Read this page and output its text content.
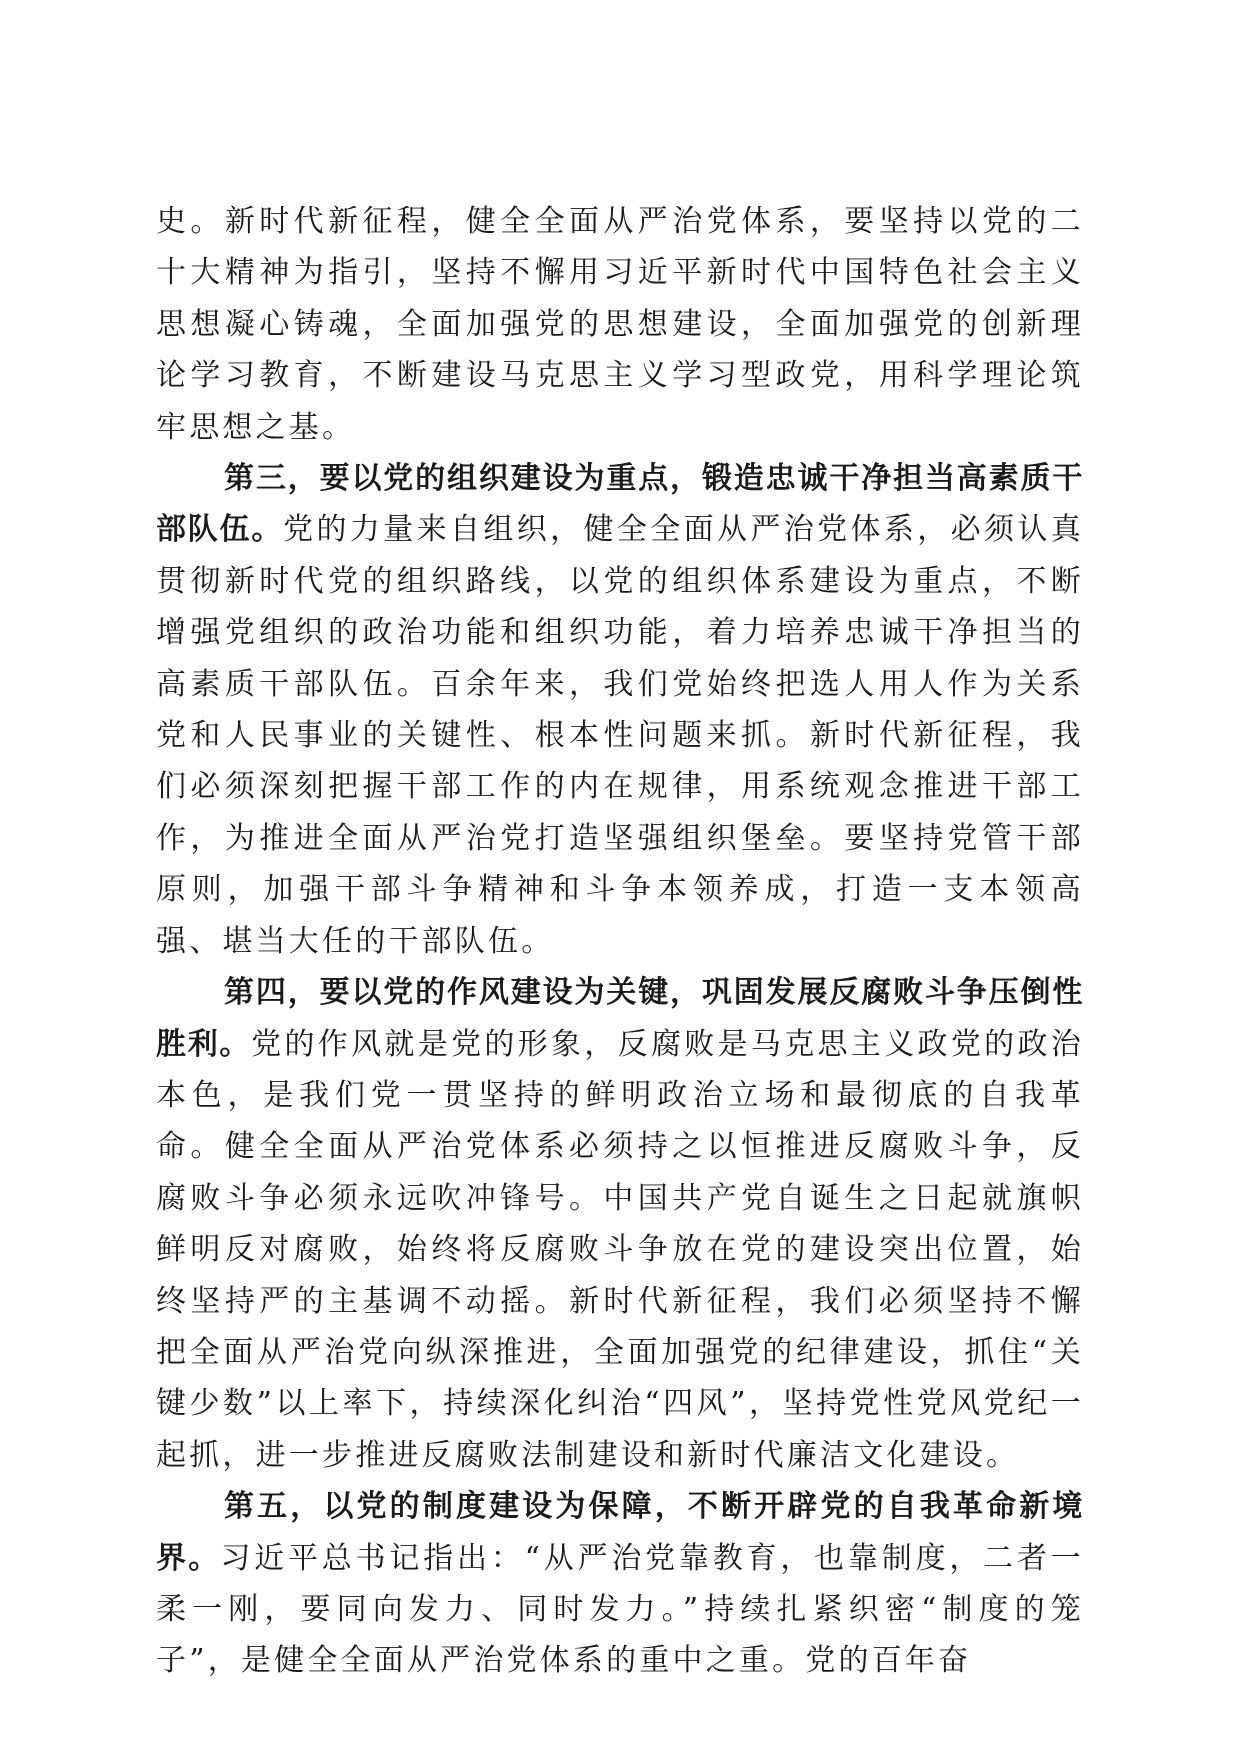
史。新时代新征程，健全全面从严治党体系，要坚持以党的二十大精神为指引，坚持不懈用习近平新时代中国特色社会主义思想凝心铸魂，全面加强党的思想建设，全面加强党的创新理论学习教育，不断建设马克思主义学习型政党，用科学理论筑牢思想之基。

第三，要以党的组织建设为重点，锻造忠诚干净担当高素质干部队伍。党的力量来自组织，健全全面从严治党体系，必须认真贯彻新时代党的组织路线，以党的组织体系建设为重点，不断增强党组织的政治功能和组织功能，着力培养忠诚干净担当的高素质干部队伍。百余年来，我们党始终把选人用人作为关系党和人民事业的关键性、根本性问题来抓。新时代新征程，我们必须深刻把握干部工作的内在规律，用系统观念推进干部工作，为推进全面从严治党打造坚强组织堡垒。要坚持党管干部原则，加强干部斗争精神和斗争本领养成，打造一支本领高强、堪当大任的干部队伍。

第四，要以党的作风建设为关键，巩固发展反腐败斗争压倒性胜利。党的作风就是党的形象，反腐败是马克思主义政党的政治本色，是我们党一贯坚持的鲜明政治立场和最彻底的自我革命。健全全面从严治党体系必须持之以恒推进反腐败斗争，反腐败斗争必须永远吹冲锋号。中国共产党自诞生之日起就旗帜鲜明反对腐败，始终将反腐败斗争放在党的建设突出位置，始终坚持严的主基调不动摇。新时代新征程，我们必须坚持不懈把全面从严治党向纵深推进，全面加强党的纪律建设，抓住“关键少数”以上率下，持续深化纠治“四风”，坚持党性党风党纪一起抓，进一步推进反腐败法制建设和新时代廉洁文化建设。

第五，以党的制度建设为保障，不断开辟党的自我革命新境界。习近平总书记指出：“从严治党靠教育，也靠制度，二者一柔一刚，要同向发力、同时发力。”持续扎紧织密“制度的笼子”，是健全全面从严治党体系的重中之重。党的百年奋
